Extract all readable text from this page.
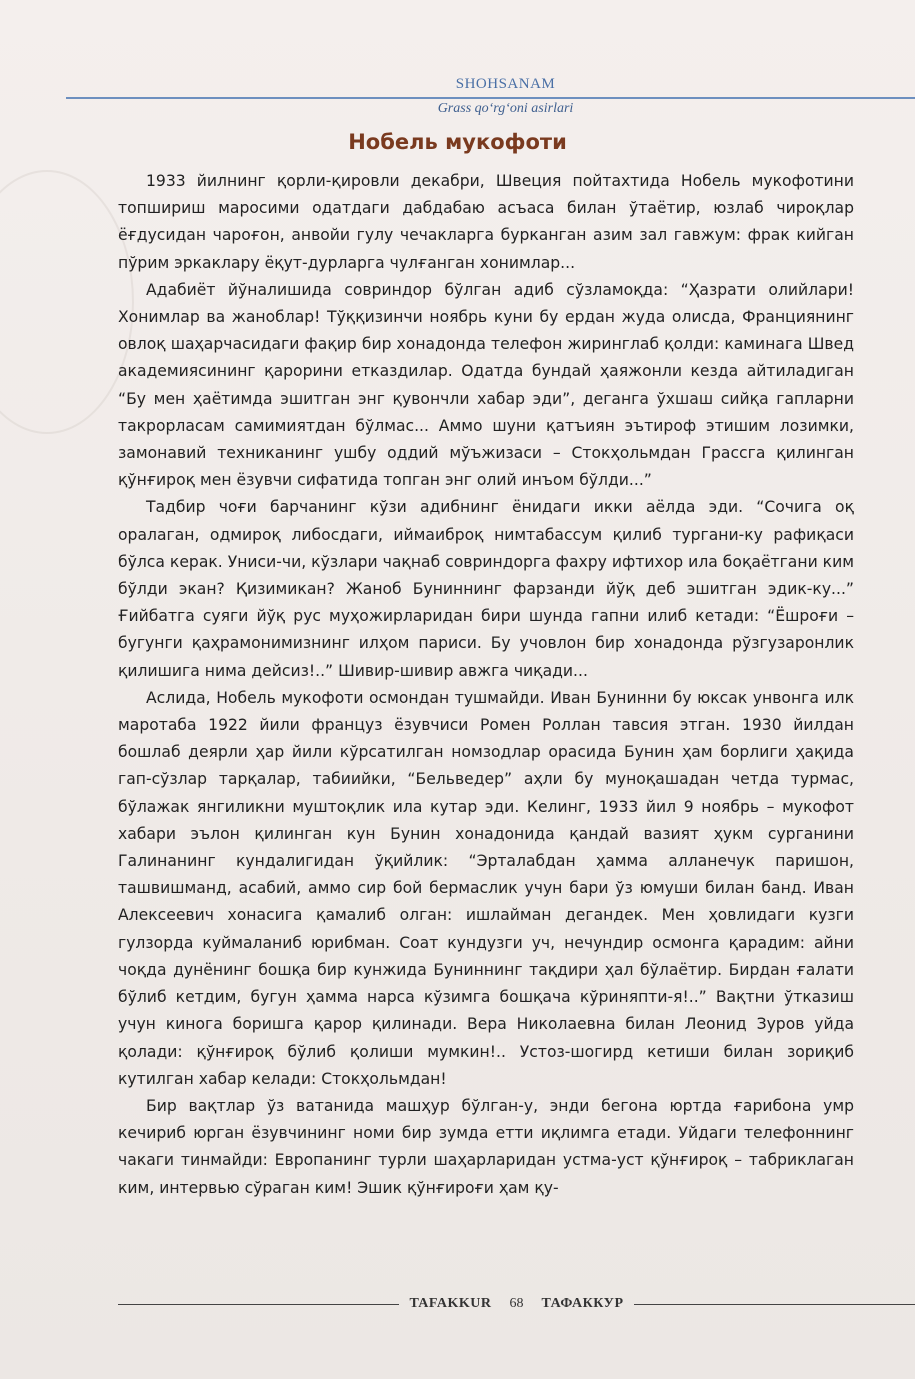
SHOHSANAM
Grass qo‘rg‘oni asirlari
Нобель мукофоти

1933 йилнинг қорли-қировли декабри, Швеция пойтахтида Нобель мукофотини топшириш маросими одатдаги дабдабаю асъаса билан ўтаётир, юзлаб чироқлар ёғдусидан чароғон, анвойи гулу чечакларга бурканган азим зал гавжум: фрак кийган пўрим эркаклару ёқут-дурларга чулғанган хонимлар...

Адабиёт йўналишида совриндор бўлган адиб сўзламоқда: “Ҳазрати олийлари! Хонимлар ва жаноблар! Тўққизинчи ноябрь куни бу ердан жуда олисда, Франциянинг овлоқ шаҳарчасидаги фақир бир хонадонда телефон жиринглаб қолди: каминага Швед академиясининг қарорини етказдилар. Одатда бундай ҳаяжонли кезда айтиладиган “Бу мен ҳаётимда эшитган энг қувончли хабар эди”, деганга ўхшаш сийқа гапларни такрорласам самимиятдан бўлмас... Аммо шуни қатъиян эътироф этишим лозимки, замонавий техниканинг ушбу оддий мўъжизаси – Стокҳольмдан Грассга қилинган қўнғироқ мен ёзувчи сифатида топган энг олий инъом бўлди...”

Тадбир чоғи барчанинг кўзи адибнинг ёнидаги икки аёлда эди. “Сочига оқ оралаган, одмироқ либосдаги, иймаиброқ нимтабассум қилиб тургани-ку рафиқаси бўлса керак. Униси-чи, кўзлари чақнаб совриндорга фахру ифтихор ила боқаётгани ким бўлди экан? Қизимикан? Жаноб Буниннинг фарзанди йўқ деб эшитган эдик-ку...” Ғийбатга суяги йўқ рус муҳожирларидан бири шунда гапни илиб кетади: “Ёшроғи – бугунги қаҳрамонимизнинг илҳом париси. Бу учовлон бир хонадонда рўзгузаронлик қилишига нима дейсиз!..” Шивир-шивир авжга чиқади...

Аслида, Нобель мукофоти осмондан тушмайди. Иван Бунинни бу юксак унвонга илк маротаба 1922 йили француз ёзувчиси Ромен Роллан тавсия этган. 1930 йилдан бошлаб деярли ҳар йили кўрсатилган номзодлар орасида Бунин ҳам борлиги ҳақида гап-сўзлар тарқалар, табиийки, “Бельведер” аҳли бу муноқашадан четда турмас, бўлажак янгиликни муштоқлик ила кутар эди. Келинг, 1933 йил 9 ноябрь – мукофот хабари эълон қилинган кун Бунин хонадонида қандай вазият ҳукм сурганини Галинанинг кундалигидан ўқийлик: “Эрталабдан ҳамма алланечук паришон, ташвишманд, асабий, аммо сир бой бермаслик учун бари ўз юмуши билан банд. Иван Алексеевич хонасига қамалиб олган: ишлайман дегандек. Мен ҳовлидаги кузги гулзорда куймаланиб юрибман. Соат кундузги уч, нечундир осмонга қарадим: айни чоқда дунёнинг бошқа бир кунжида Буниннинг тақдири ҳал бўлаётир. Бирдан ғалати бўлиб кетдим, бугун ҳамма нарса кўзимга бошқача кўриняпти-я!..” Вақтни ўтказиш учун кинога боришга қарор қилинади. Вера Николаевна билан Леонид Зуров уйда қолади: қўнғироқ бўлиб қолиши мумкин!.. Устоз-шогирд кетиши билан зориқиб кутилган хабар келади: Стокҳольмдан!

Бир вақтлар ўз ватанида машҳур бўлган-у, энди бегона юртда ғарибона умр кечириб юрган ёзувчининг номи бир зумда етти иқлимга етади. Уйдаги телефоннинг чакаги тинмайди: Европанинг турли шаҳарларидан устма-уст қўнғироқ – табриклаган ким, интервью сўраган ким! Эшик қўнғироғи ҳам қу-

TAFAKKUR	68	ТАФАККУР
